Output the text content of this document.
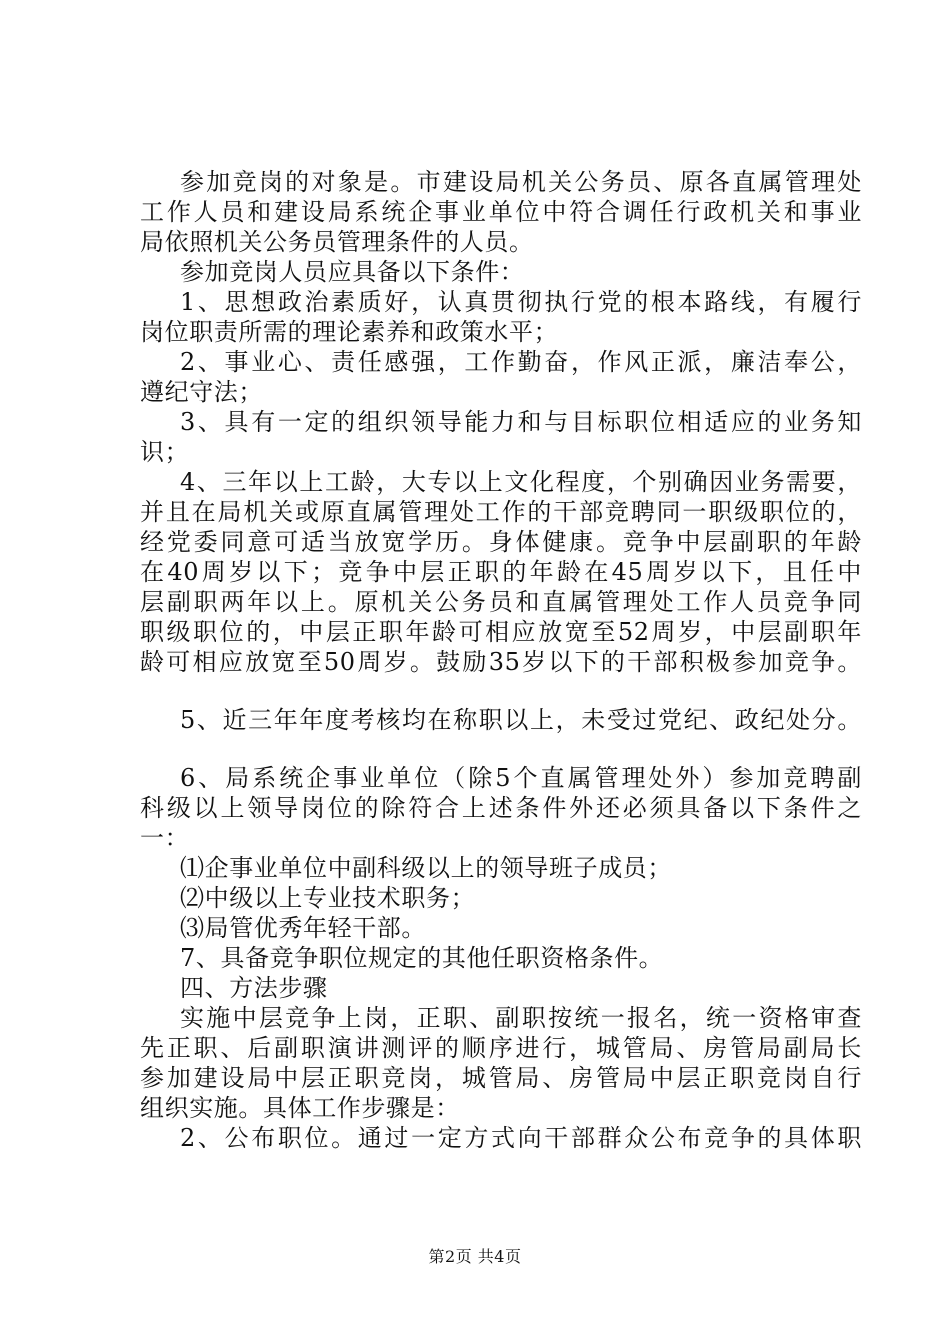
参加竞岗的对象是。市建设局机关公务员、原各直属管理处
工作人员和建设局系统企事业单位中符合调任行政机关和事业
局依照机关公务员管理条件的人员。
参加竞岗人员应具备以下条件：
1、思想政治素质好，认真贯彻执行党的根本路线，有履行
岗位职责所需的理论素养和政策水平；
2、事业心、责任感强，工作勤奋，作风正派，廉洁奉公，
遵纪守法；
3、具有一定的组织领导能力和与目标职位相适应的业务知
识；
4、三年以上工龄，大专以上文化程度，个别确因业务需要，
并且在局机关或原直属管理处工作的干部竞聘同一职级职位的，
经党委同意可适当放宽学历。身体健康。竞争中层副职的年龄
在40周岁以下；竞争中层正职的年龄在45周岁以下，且任中
层副职两年以上。原机关公务员和直属管理处工作人员竞争同
职级职位的，中层正职年龄可相应放宽至52周岁，中层副职年
龄可相应放宽至50周岁。鼓励35岁以下的干部积极参加竞争。
5、近三年年度考核均在称职以上，未受过党纪、政纪处分。
6、局系统企事业单位（除5个直属管理处外）参加竞聘副
科级以上领导岗位的除符合上述条件外还必须具备以下条件之
一：
⑴企事业单位中副科级以上的领导班子成员；
⑵中级以上专业技术职务；
⑶局管优秀年轻干部。
7、具备竞争职位规定的其他任职资格条件。
四、方法步骤
实施中层竞争上岗，正职、副职按统一报名，统一资格审查
先正职、后副职演讲测评的顺序进行，城管局、房管局副局长
参加建设局中层正职竞岗，城管局、房管局中层正职竞岗自行
组织实施。具体工作步骤是：
2、公布职位。通过一定方式向干部群众公布竞争的具体职
第2页 共4页
